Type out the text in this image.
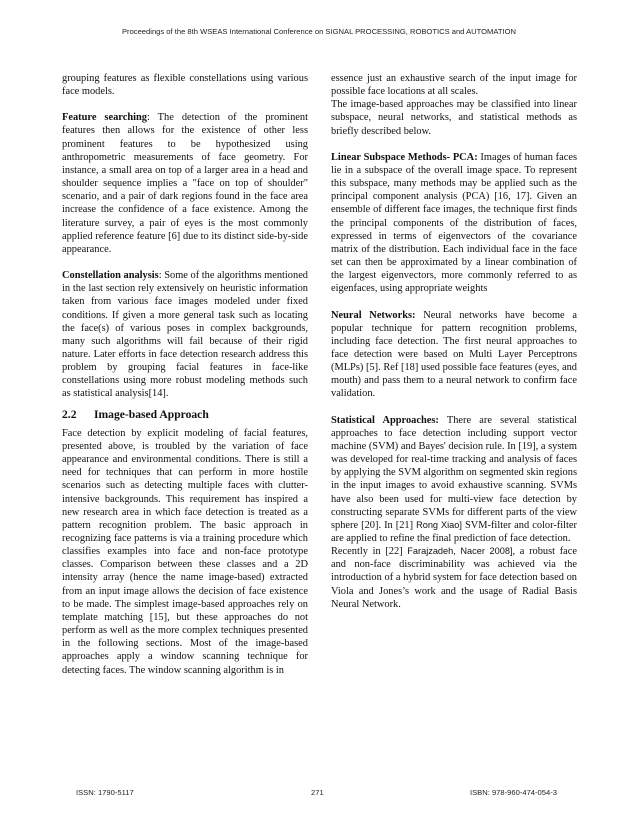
Proceedings of the 8th WSEAS International Conference on SIGNAL PROCESSING, ROBOTICS and AUTOMATION

grouping features as flexible constellations using various face models.

Feature searching: The detection of the prominent features then allows for the existence of other less prominent features to be hypothesized using anthropometric measurements of face geometry. For instance, a small area on top of a larger area in a head and shoulder sequence implies a "face on top of shoulder" scenario, and a pair of dark regions found in the face area increase the confidence of a face existence. Among the literature survey, a pair of eyes is the most commonly applied reference feature [6] due to its distinct side-by-side appearance.

Constellation analysis: Some of the algorithms mentioned in the last section rely extensively on heuristic information taken from various face images modeled under fixed conditions. If given a more general task such as locating the face(s) of various poses in complex backgrounds, many such algorithms will fail because of their rigid nature. Later efforts in face detection research address this problem by grouping facial features in face-like constellations using more robust modeling methods such as statistical analysis[14].

2.2	Image-based Approach

Face detection by explicit modeling of facial features, presented above, is troubled by the variation of face appearance and environmental conditions. There is still a need for techniques that can perform in more hostile scenarios such as detecting multiple faces with clutter-intensive backgrounds. This requirement has inspired a new research area in which face detection is treated as a pattern recognition problem. The basic approach in recognizing face patterns is via a training procedure which classifies examples into face and non-face prototype classes. Comparison between these classes and a 2D intensity array (hence the name image-based) extracted from an input image allows the decision of face existence to be made. The simplest image-based approaches rely on template matching [15], but these approaches do not perform as well as the more complex techniques presented in the following sections. Most of the image-based approaches apply a window scanning technique for detecting faces. The window scanning algorithm is in

essence just an exhaustive search of the input image for possible face locations at all scales.

The image-based approaches may be classified into linear subspace, neural networks, and statistical methods as briefly described below.

Linear Subspace Methods- PCA: Images of human faces lie in a subspace of the overall image space. To represent this subspace, many methods may be applied such as the principal component analysis (PCA) [16, 17]. Given an ensemble of different face images, the technique first finds the principal components of the distribution of faces, expressed in terms of eigenvectors of the covariance matrix of the distribution. Each individual face in the face set can then be approximated by a linear combination of the largest eigenvectors, more commonly referred to as eigenfaces, using appropriate weights

Neural Networks: Neural networks have become a popular technique for pattern recognition problems, including face detection. The first neural approaches to face detection were based on Multi Layer Perceptrons (MLPs) [5]. Ref [18] used possible face features (eyes, and mouth) and pass them to a neural network to confirm face validation.

Statistical Approaches: There are several statistical approaches to face detection including support vector machine (SVM) and Bayes' decision rule. In [19], a system was developed for real-time tracking and analysis of faces by applying the SVM algorithm on segmented skin regions in the input images to avoid exhaustive scanning. SVMs have also been used for multi-view face detection by constructing separate SVMs for different parts of the view sphere [20]. In [21] Rong Xiao] SVM-filter and color-filter are applied to refine the final prediction of face detection.

Recently in [22] Farajzadeh, Nacer 2008], a robust face and non-face discriminability was achieved via the introduction of a hybrid system for face detection based on Viola and Jones’s work and the usage of Radial Basis Neural Network.

ISSN: 1790-5117	271	ISBN: 978-960-474-054-3
